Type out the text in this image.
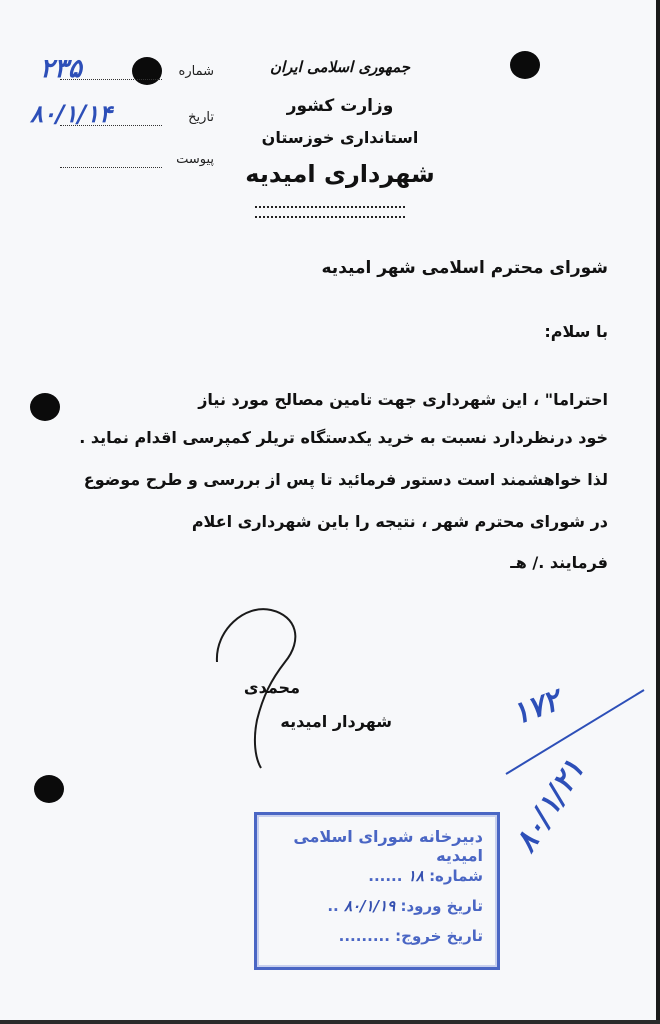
شماره
۲۳۵
تاریخ
۸۰/۱/۱۴
پیوست
جمهوری اسلامی ایران
وزارت کشور
استانداری خوزستان
شهرداری امیدیه
شورای محترم اسلامی شهر امیدیه
با سلام:
احتراما" ، این شهرداری جهت تامین مصالح مورد نیاز
خود درنظردارد نسبت به خرید یکدستگاه تریلر کمپرسی اقدام نماید .
لذا خواهشمند است دستور فرمائید تا پس از بررسی و طرح موضوع
در شورای محترم شهر ، نتیجه را باین شهرداری اعلام
فرمایند ./ هـ
محمدی
شهردار امیدیه	۱۷۲
۸۰/۱/۲۱
دبیرخانه شورای اسلامی امیدیه
شماره: ۱۸ ......
تاریخ ورود: ۸۰/۱/۱۹ ..
تاریخ خروج: .........
